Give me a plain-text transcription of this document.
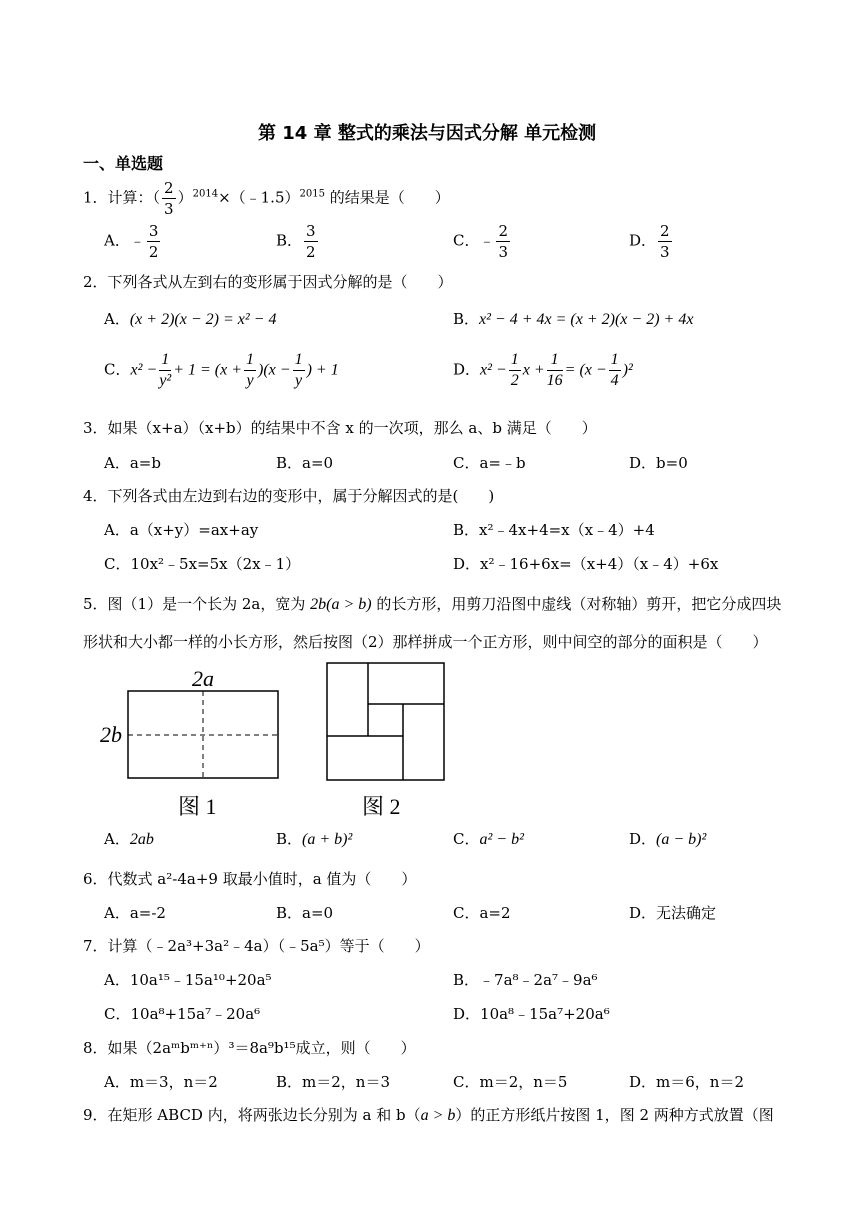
第 14 章 整式的乘法与因式分解 单元检测
一、单选题
1．计算：（ $\frac{2}{3}$ ）$^{2014}$×（﹣1.5）$^{2015}$ 的结果是（　　）
A．﹣ $\frac{3}{2}$	B． $\frac{3}{2}$	C．﹣ $\frac{2}{3}$	D． $\frac{2}{3}$
2．下列各式从左到右的变形属于因式分解的是（　　）
A．(x + 2)(x − 2) = x² − 4	B．x² − 4 + 4x = (x + 2)(x − 2) + 4x
C．$x^2 - \frac{1}{\text{y²}} + 1 = (x + \frac{1}{y} )(x - \frac{1}{y}$ ) + 1	D．$x^2 - \frac{1}{2}$ $x + \frac{1}{16} = (x - \frac{1}{4} )^2$
3．如果（x+a）（x+b）的结果中不含 x 的一次项，那么 a、b 满足（　　）
A．a=b	B．a=0	C．a=﹣b	D．b=0
4．下列各式由左边到右边的变形中，属于分解因式的是(　　)
A．a（x+y）=ax+ay	B．x²﹣4x+4=x（x﹣4）+4
C．10x²﹣5x=5x（2x﹣1）	D．x²﹣16+6x=（x+4）（x﹣4）+6x
5．图（1）是一个长为 2a，宽为 2b(a > b) 的长方形，用剪刀沿图中虚线（对称轴）剪开，把它分成四块
形状和大小都一样的小长方形，然后按图（2）那样拼成一个正方形，则中间空的部分的面积是（　　）
2a
2b
图 1	图 2
A．2ab	B．(a + b)²	C．a² − b²	D．(a − b)²
6．代数式 a²-4a+9 取最小值时，a 值为（　　）
A．a=-2	B．a=0	C．a=2	D．无法确定
7．计算（﹣2a³+3a²﹣4a）（﹣5a⁵）等于（　　）
A．10a¹⁵﹣15a¹⁰+20a⁵	B．﹣7a⁸﹣2a⁷﹣9a⁶
C．10a⁸+15a⁷﹣20a⁶	D．10a⁸﹣15a⁷+20a⁶
8．如果（2aᵐbᵐ⁺ⁿ）³＝8a⁹b¹⁵成立，则（　　）
A．m＝3，n＝2	B．m＝2，n＝3	C．m＝2，n＝5	D．m＝6，n＝2
9．在矩形 ABCD 内，将两张边长分别为 a 和 b（a > b）的正方形纸片按图 1，图 2 两种方式放置（图
